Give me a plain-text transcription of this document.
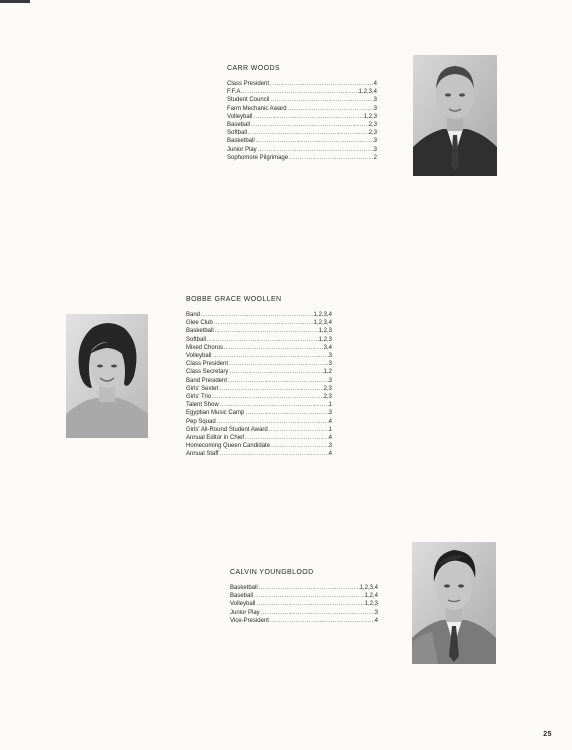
CARR WOODS
Class President .....	4
F.F.A. .....	1,2,3,4
Student Council .....	3
Farm Mechanic Award .....	3
Volleyball .....	1,2,3
Baseball .....	2,3
Softball .....	2,3
Basketball .....	3
Junior Play .....	3
Sophomore Pilgrimage .....	2
BOBBE GRACE WOOLLEN
Band .....	1,2,3,4
Glee Club .....	1,2,3,4
Basketball .....	1,2,3
Softball .....	1,2,3
Mixed Chorus .....	3,4
Volleyball .....	3
Class President .....	3
Class Secretary .....	1,2
Band President .....	3
Girls' Sextet .....	2,3
Girls' Trio .....	2,3
Talent Show .....	1
Egyptian Music Camp .....	3
Pep Squad .....	4
Girls' All-Round Student Award .....	1
Annual Editor in Chief .....	4
Homecoming Queen Candidate .....	3
Annual Staff .....	4
CALVIN YOUNGBLOOD
Basketball .....	1,2,3,4
Baseball .....	1,2,4
Volleyball .....	1,2,3
Junior Play .....	3
Vice-President .....	4
25
